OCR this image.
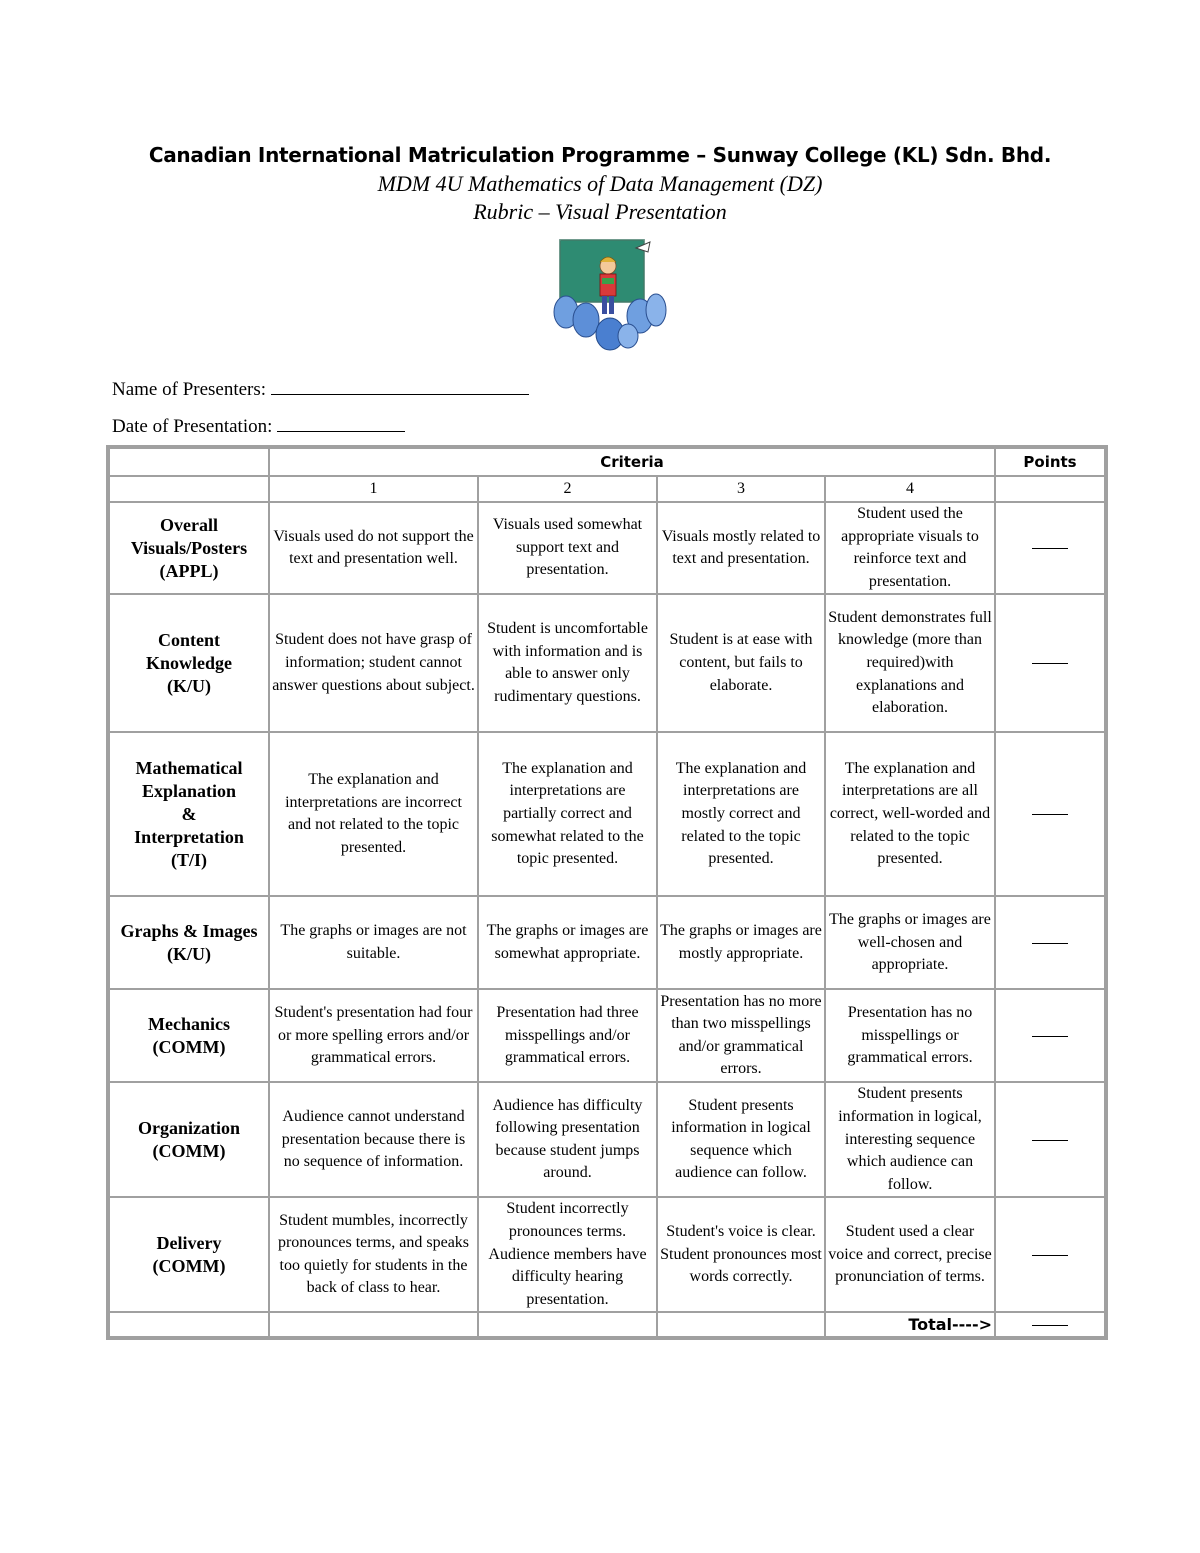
Canadian International Matriculation Programme – Sunway College (KL) Sdn. Bhd.
MDM 4U Mathematics of Data Management (DZ)
Rubric – Visual Presentation
Name of Presenters:
Date of Presentation:
	Criteria				Points
	1	2	3	4	

Overall
Visuals/Posters
(APPL)	Visuals used do not support the text and presentation well.	Visuals used somewhat support text and presentation.	Visuals mostly related to text and presentation.	Student used the appropriate visuals to reinforce text and presentation.	

Content
Knowledge
(K/U)	Student does not have grasp of information; student cannot answer questions about subject.	Student is uncomfortable with information and is able to answer only rudimentary questions.	Student is at ease with content, but fails to elaborate.	Student demonstrates full knowledge (more than required)with explanations and elaboration.	

Mathematical
Explanation
&
Interpretation
(T/I)	The explanation and interpretations are incorrect and not related to the topic presented.	The explanation and interpretations are partially correct and somewhat related to the topic presented.	The explanation and interpretations are mostly correct and related to the topic presented.	The explanation and interpretations are all correct, well-worded and related to the topic presented.	

Graphs & Images
(K/U)	The graphs or images are not suitable.	The graphs or images are somewhat appropriate.	The graphs or images are mostly appropriate.	The graphs or images are well-chosen and appropriate.	

Mechanics
(COMM)	Student's presentation had four or more spelling errors and/or grammatical errors.	Presentation had three misspellings and/or grammatical errors.	Presentation has no more than two misspellings and/or grammatical errors.	Presentation has no misspellings or grammatical errors.	

Organization
(COMM)	Audience cannot understand presentation because there is no sequence of information.	Audience has difficulty following presentation because student jumps around.	Student presents information in logical sequence which audience can follow.	Student presents information in logical, interesting sequence which audience can follow.	

Delivery
(COMM)	Student mumbles, incorrectly pronounces terms, and speaks too quietly for students in the back of class to hear.	Student incorrectly pronounces terms. Audience members have difficulty hearing presentation.	Student's voice is clear. Student pronounces most words correctly.	Student used a clear voice and correct, precise pronunciation of terms.	
				Total---->	
